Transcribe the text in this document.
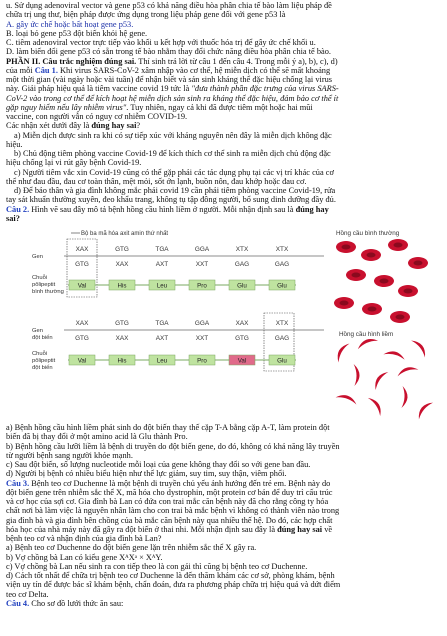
u. Sử dụng adenoviral vector và gene p53 có khả năng điều hòa phân chia tế bào làm liệu pháp đề

chữa trị ung thư, biện pháp được ứng dụng trong liệu pháp gene đối với gene p53 là

A. gây ức chế hoặc bất hoạt gene p53.

B. loại bỏ gene p53 đột biến khỏi hệ gene.

C. tiêm adenoviral vector trực tiếp vào khối u kết hợp với thuốc hóa trị để gây ức chế khối u.

D. làm biến đổi gene p53 có sẵn trong tế bào nhằm thay đổi chức năng điều hòa phân chia tế bào.

PHẦN II. Câu trắc nghiệm đúng sai. Thí sinh trả lời từ câu 1 đến câu 4. Trong mỗi ý a), b), c), d)

của mỗi Câu 1. Khi virus SARS-CoV-2 xâm nhập vào cơ thể, hệ miễn dịch có thể sẽ mất khoảng

một thời gian (vài ngày hoặc vài tuần) để nhận biết và sản sinh kháng thể đặc hiệu chống lại virus

này. Giải pháp hiệu quả là tiêm vaccine covid 19 tức là "đưa thành phần đặc trưng của virus SARS-

CoV-2 vào trong cơ thể để kích hoạt hệ miễn dịch sản sinh ra kháng thể đặc hiệu, đảm bảo cơ thể ít

gặp nguy hiểm nếu lây nhiễm virus". Tuy nhiên, ngay cả khi đã được tiêm một hoặc hai mũi

vaccine, con người vẫn có nguy cơ nhiễm COVID-19.

Các nhận xét dưới đây là đúng hay sai?

a) Miễn dịch được sinh ra khi có sự tiếp xúc với kháng nguyên nên đây là miễn dịch không đặc

hiệu.

b) Chủ động tiêm phòng vaccine Covid-19 để kích thích cơ thể sinh ra miễn dịch chủ động đặc

hiệu chống lại vi rút gây bệnh Covid-19.

c) Người tiêm vắc xin Covid-19 cũng có thể gặp phải các tác dụng phụ tại các vị trí khác của cơ

thể như đau đầu, đau cơ toàn thân, mệt mỏi, sốt ớn lạnh, buồn nôn, đau khớp hoặc đau cơ.

d) Để bảo thân và gia đình không mắc phải covid 19 cần phải tiêm phòng vaccine Covid-19, rửa

tay sát khuẩn thường xuyên, đeo khẩu trang, không tụ tập đông người, bổ sung dinh dưỡng đầy đủ.

Câu 2. Hình vẽ sau đây mô tả bệnh hồng cầu hình liềm ở người. Mỗi nhận định sau là đúng hay

sai?

Bộ ba mã hóa axit amin thứ nhất	Hồng cầu bình thường
Hồng cầu hình liềm
Gen
Chuỗi
pôlipeptit
bình thường
Gen
đột biến
Chuỗi
pôlipeptit
đột biến
XAX	GTG	TGA	GGA	XTX	XTX
GTG	XAX	AXT	XXT	GAG	GAG
Val	His	Leu	Pro	Glu	Glu
XAX	GTG	TGA	GGA	XAX	XTX
GTG	XAX	AXT	XXT	GTG	GAG
Val	His	Leu	Pro	Val	Glu

a) Bệnh hồng cầu hình liềm phát sinh do đột biến thay thế cặp T-A bằng cặp A-T, làm protein đột

biến đã bị thay đổi ở một amino acid là Glu thành Pro.

b) Bệnh hồng cầu lưỡi liềm là bệnh di truyền do đột biến gene, do đó, không có khả năng lây truyền

từ người bệnh sang người khỏe mạnh.

c) Sau đột biến, số lượng nucleotide mỗi loại của gene không thay đổi so với gene ban đầu.

d) Người bị bệnh có nhiều biểu hiện như thể lực giảm, suy tim, suy thận, viêm phổi.

Câu 3. Bệnh teo cơ Duchenne là một bệnh di truyền chủ yếu ảnh hưởng đến trẻ em. Bệnh này do

đột biến gene trên nhiễm sắc thể X, mã hóa cho dystrophin, một protein cơ bản để duy trì cấu trúc

và cơ học của sợi cơ. Gia đình bà Lan có đứa con trai mắc căn bệnh này đã cho rằng công ty hóa

chất nơi bà làm việc là nguyên nhân làm cho con trai bà mắc bệnh vì không có thành viên nào trong

gia đình bà và gia đình bên chồng của bà mắc căn bệnh này qua nhiều thế hệ. Do đó, các hợp chất

hóa học của nhà máy này đã gây ra đột biến ở thai nhi. Mỗi nhận định sau đây là đúng hay sai về

bệnh teo cơ và nhận định của gia đình bà Lan?

a) Bệnh teo cơ Duchenne do đột biến gene lặn trên nhiễm sắc thể X gây ra.

b) Vợ chồng bà Lan có kiểu gene XᴬXᵃ × XᴬY.

c) Vợ chồng bà Lan nếu sinh ra con tiếp theo là con gái thì cũng bị bệnh teo cơ Duchenne.

d) Cách tốt nhất để chữa trị bệnh teo cơ Duchenne là đến thăm khám các cơ sở, phòng khám, bệnh

viện uy tín để được bác sĩ khám bệnh, chẩn đoán, đưa ra phương pháp chữa trị hiệu quả và dứt điểm

teo cơ Delta.

Câu 4. Cho sơ đồ lưới thức ăn sau:
